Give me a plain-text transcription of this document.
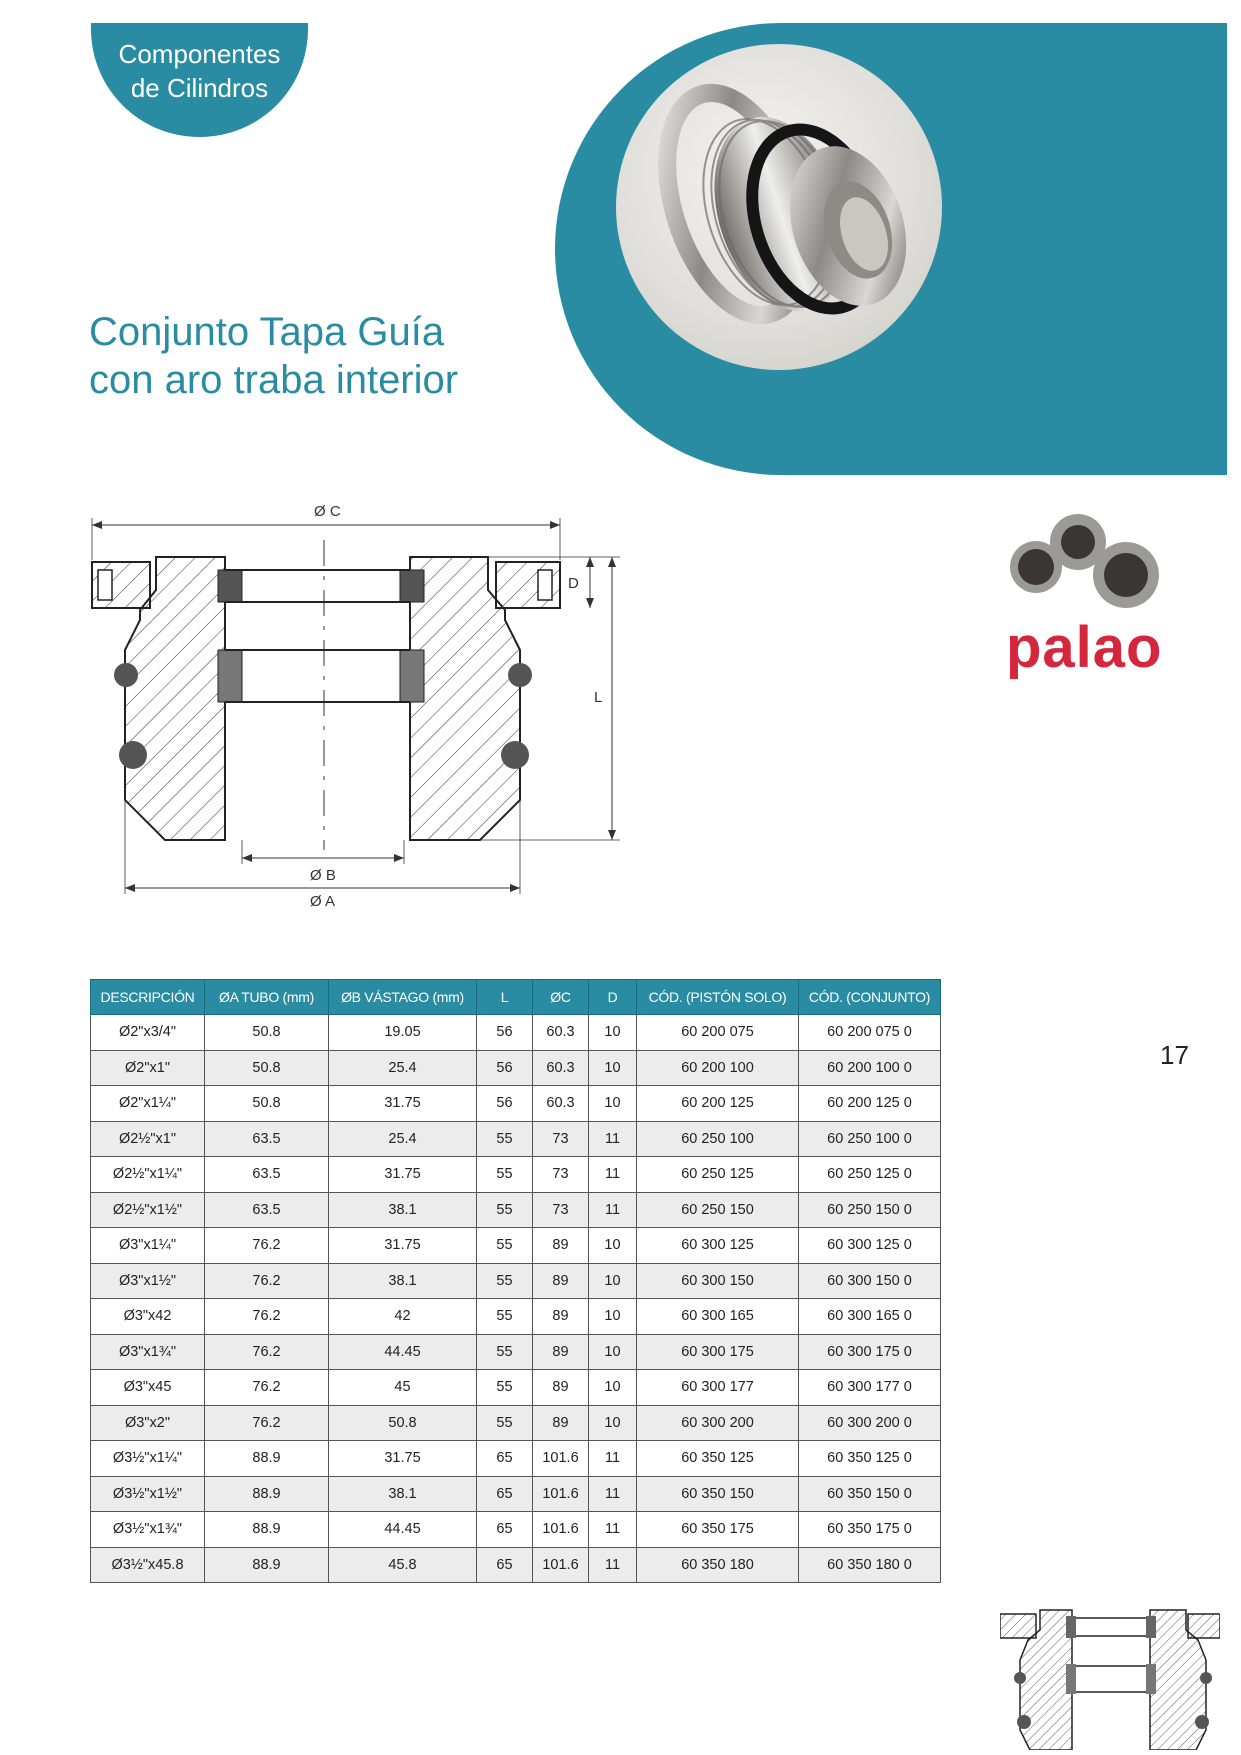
Componentes
de Cilindros
Conjunto Tapa Guía
con aro traba interior
Ø C
D
L
Ø B
Ø A
palao
17
DESCRIPCIÓN	ØA TUBO (mm)	ØB VÁSTAGO (mm)	L	ØC	D	CÓD. (PISTÓN SOLO)	CÓD. (CONJUNTO)
Ø2"x3/4"	50.8	19.05	56	60.3	10	60 200 075	60 200 075 0
Ø2"x1"	50.8	25.4	56	60.3	10	60 200 100	60 200 100 0
Ø2"x1¼"	50.8	31.75	56	60.3	10	60 200 125	60 200 125 0
Ø2½"x1"	63.5	25.4	55	73	11	60 250 100	60 250 100 0
Ø2½"x1¼"	63.5	31.75	55	73	11	60 250 125	60 250 125 0
Ø2½"x1½"	63.5	38.1	55	73	11	60 250 150	60 250 150 0
Ø3"x1¼"	76.2	31.75	55	89	10	60 300 125	60 300 125 0
Ø3"x1½"	76.2	38.1	55	89	10	60 300 150	60 300 150 0
Ø3"x42	76.2	42	55	89	10	60 300 165	60 300 165 0
Ø3"x1¾"	76.2	44.45	55	89	10	60 300 175	60 300 175 0
Ø3"x45	76.2	45	55	89	10	60 300 177	60 300 177 0
Ø3"x2"	76.2	50.8	55	89	10	60 300 200	60 300 200 0
Ø3½"x1¼"	88.9	31.75	65	101.6	11	60 350 125	60 350 125 0
Ø3½"x1½"	88.9	38.1	65	101.6	11	60 350 150	60 350 150 0
Ø3½"x1¾"	88.9	44.45	65	101.6	11	60 350 175	60 350 175 0
Ø3½"x45.8	88.9	45.8	65	101.6	11	60 350 180	60 350 180 0
